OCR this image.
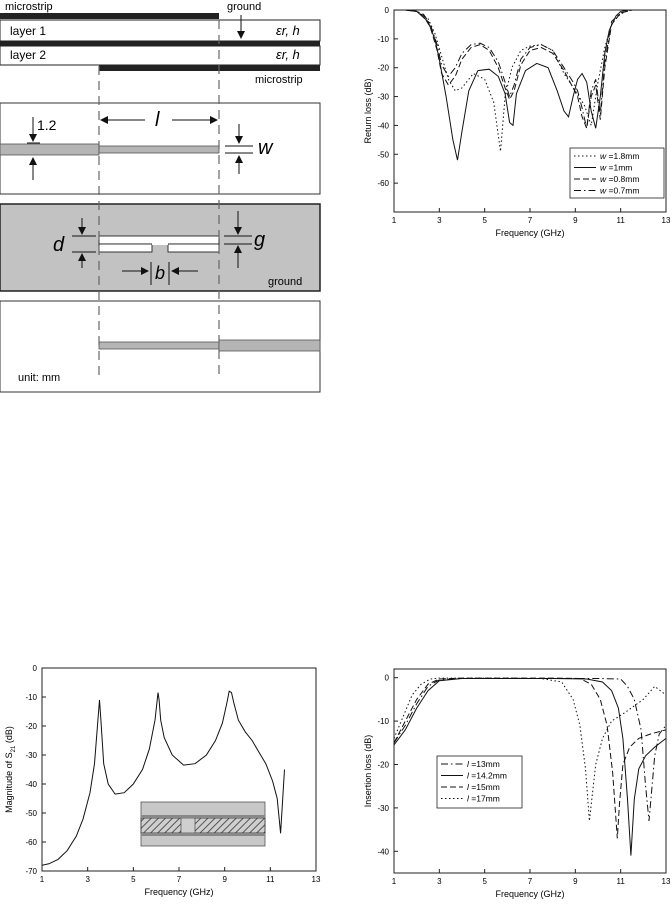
microstrip	ground
layer 1	εr, h
layer 2	εr, h
microstrip
1.2	l
w
d	g
b	ground
unit: mm
1	3	5	7	9	11	13
0
-10
-20
-30
-40
-50
-60
Frequency (GHz)
Return loss (dB)
w =1.8mm
w =1mm
w =0.8mm
w =0.7mm
1	3	5	7	9	11	13
0
-10
-20
-30
-40
-50
-60
-70
Frequency (GHz)
Magnitude of $S_{21}$ (dB)
1	3	5	7	9	11	13
0
-10
-20
-30
-40
Frequency (GHz)
Insertion loss (dB)	l =13mm
l =14.2mm
l =15mm
l =17mm
